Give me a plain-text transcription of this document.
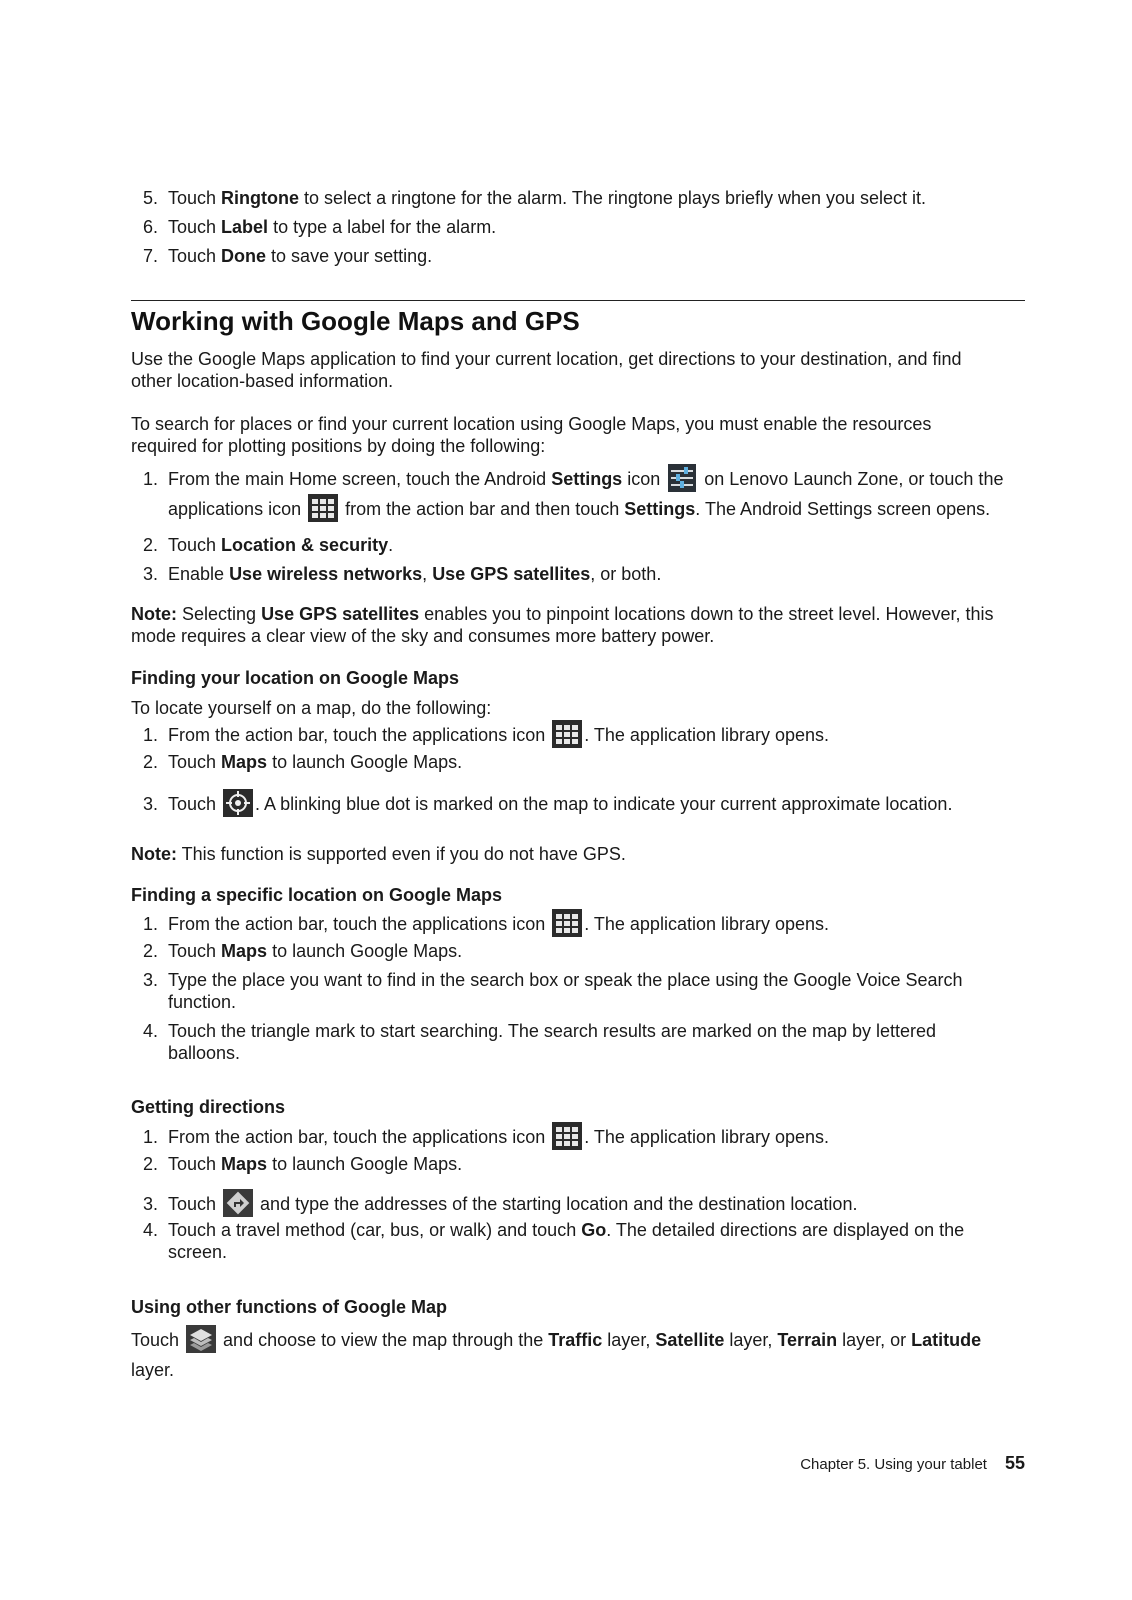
5. Touch Ringtone to select a ringtone for the alarm. The ringtone plays briefly when you select it.
6. Touch Label to type a label for the alarm.
7. Touch Done to save your setting.
Working with Google Maps and GPS

Use the Google Maps application to find your current location, get directions to your destination, and find other location-based information.

To search for places or find your current location using Google Maps, you must enable the resources required for plotting positions by doing the following:

1. From the main Home screen, touch the Android Settings icon
on Lenovo Launch Zone, or touch the applications icon
from the action bar and then touch Settings. The Android Settings screen opens.
2. Touch Location & security.
3. Enable Use wireless networks, Use GPS satellites, or both.

Note: Selecting Use GPS satellites enables you to pinpoint locations down to the street level. However, this mode requires a clear view of the sky and consumes more battery power.

Finding your location on Google Maps

To locate yourself on a map, do the following:

1. From the action bar, touch the applications icon
. The application library opens.
2. Touch Maps to launch Google Maps.
3. Touch
. A blinking blue dot is marked on the map to indicate your current approximate location.

Note: This function is supported even if you do not have GPS.

Finding a specific location on Google Maps
1. From the action bar, touch the applications icon
. The application library opens.
2. Touch Maps to launch Google Maps.
3. Type the place you want to find in the search box or speak the place using the Google Voice Search function.
4. Touch the triangle mark to start searching. The search results are marked on the map by lettered balloons.
Getting directions
1. From the action bar, touch the applications icon
. The application library opens.
2. Touch Maps to launch Google Maps.
3. Touch
and type the addresses of the starting location and the destination location.
4. Touch a travel method (car, bus, or walk) and touch Go. The detailed directions are displayed on the screen.
Using other functions of Google Map

Touch
and choose to view the map through the Traffic layer, Satellite layer, Terrain layer, or Latitude layer.

Chapter 5. Using your tablet 55
